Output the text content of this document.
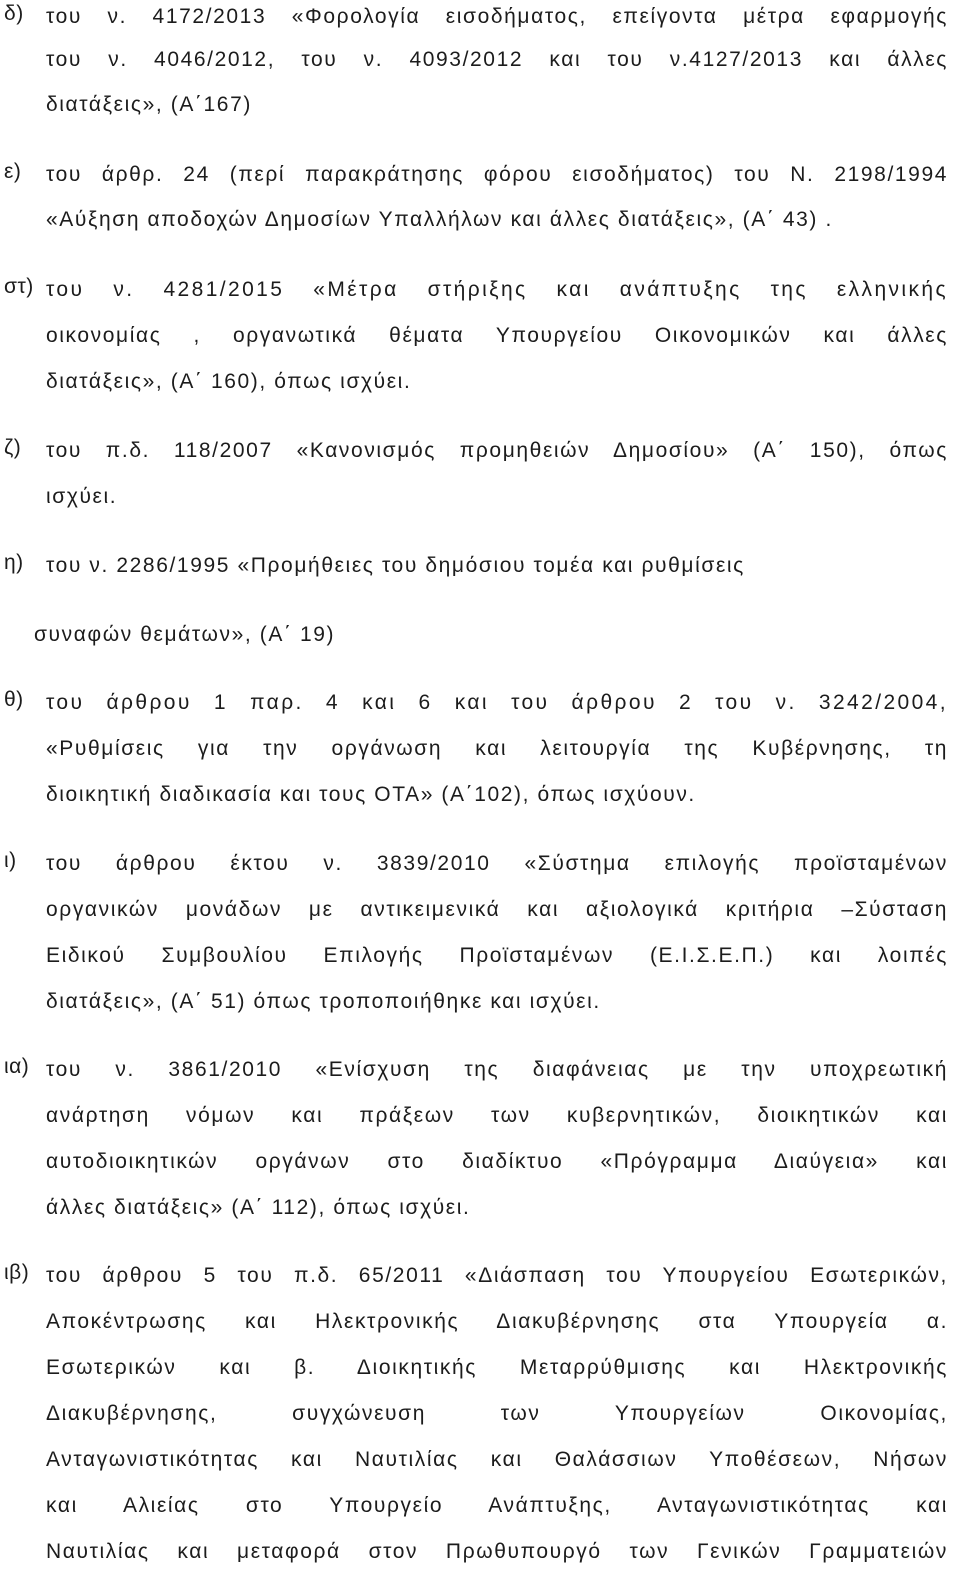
δ) του ν. 4172/2013 «Φορολογία εισοδήματος, επείγοντα μέτρα εφαρμογής
του ν. 4046/2012, του ν. 4093/2012 και του ν.4127/2013 και άλλες
διατάξεις», (Α΄167)
ε) του άρθρ. 24 (περί παρακράτησης φόρου εισοδήματος) του Ν. 2198/1994
«Αύξηση αποδοχών Δημοσίων Υπαλλήλων και άλλες διατάξεις», (Α΄ 43) .
στ) του ν. 4281/2015 «Μέτρα στήριξης και ανάπτυξης της ελληνικής
οικονομίας , οργανωτικά θέματα Υπουργείου Οικονομικών και άλλες
διατάξεις», (Α΄ 160), όπως ισχύει.
ζ) του π.δ. 118/2007 «Κανονισμός προμηθειών Δημοσίου» (Α΄ 150), όπως
ισχύει.
η) του ν. 2286/1995 «Προμήθειες του δημόσιου τομέα και ρυθμίσεις
συναφών θεμάτων», (Α΄ 19)
θ) του άρθρου 1 παρ. 4 και 6 και του άρθρου 2 του ν. 3242/2004,
«Ρυθμίσεις για την οργάνωση και λειτουργία της Κυβέρνησης, τη
διοικητική διαδικασία και τους ΟΤΑ» (Α΄102), όπως ισχύουν.
ι) του άρθρου έκτου ν. 3839/2010 «Σύστημα επιλογής προϊσταμένων
οργανικών μονάδων με αντικειμενικά και αξιολογικά κριτήρια –Σύσταση
Ειδικού Συμβουλίου Επιλογής Προϊσταμένων (Ε.Ι.Σ.Ε.Π.) και λοιπές
διατάξεις», (Α΄ 51) όπως τροποποιήθηκε και ισχύει.
ια) του ν. 3861/2010 «Ενίσχυση της διαφάνειας με την υποχρεωτική
ανάρτηση νόμων και πράξεων των κυβερνητικών, διοικητικών και
αυτοδιοικητικών οργάνων στο διαδίκτυο «Πρόγραμμα Διαύγεια» και
άλλες διατάξεις» (Α΄ 112), όπως ισχύει.
ιβ) του άρθρου 5 του π.δ. 65/2011 «Διάσπαση του Υπουργείου Εσωτερικών,
Αποκέντρωσης και Ηλεκτρονικής Διακυβέρνησης στα Υπουργεία α.
Εσωτερικών και β. Διοικητικής Μεταρρύθμισης και Ηλεκτρονικής
Διακυβέρνησης, συγχώνευση των Υπουργείων Οικονομίας,
Ανταγωνιστικότητας και Ναυτιλίας και Θαλάσσιων Υποθέσεων, Νήσων
και Αλιείας στο Υπουργείο Ανάπτυξης, Ανταγωνιστικότητας και
Ναυτιλίας και μεταφορά στον Πρωθυπουργό των Γενικών Γραμματειών
